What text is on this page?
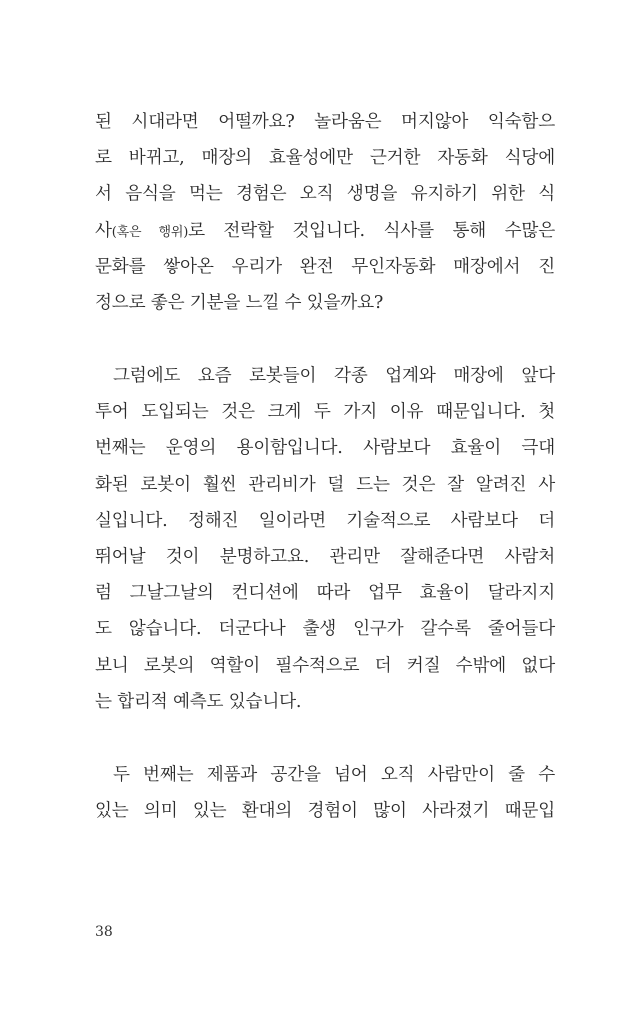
된 시대라면 어떨까요? 놀라움은 머지않아 익숙함으
로 바뀌고, 매장의 효율성에만 근거한 자동화 식당에
서 음식을 먹는 경험은 오직 생명을 유지하기 위한 식
사(혹은 행위)로 전락할 것입니다. 식사를 통해 수많은
문화를 쌓아온 우리가 완전 무인자동화 매장에서 진
정으로 좋은 기분을 느낄 수 있을까요?
그럼에도 요즘 로봇들이 각종 업계와 매장에 앞다
투어 도입되는 것은 크게 두 가지 이유 때문입니다. 첫
번째는 운영의 용이함입니다. 사람보다 효율이 극대
화된 로봇이 훨씬 관리비가 덜 드는 것은 잘 알려진 사
실입니다. 정해진 일이라면 기술적으로 사람보다 더
뛰어날 것이 분명하고요. 관리만 잘해준다면 사람처
럼 그날그날의 컨디션에 따라 업무 효율이 달라지지
도 않습니다. 더군다나 출생 인구가 갈수록 줄어들다
보니 로봇의 역할이 필수적으로 더 커질 수밖에 없다
는 합리적 예측도 있습니다.
두 번째는 제품과 공간을 넘어 오직 사람만이 줄 수
있는 의미 있는 환대의 경험이 많이 사라졌기 때문입
38
